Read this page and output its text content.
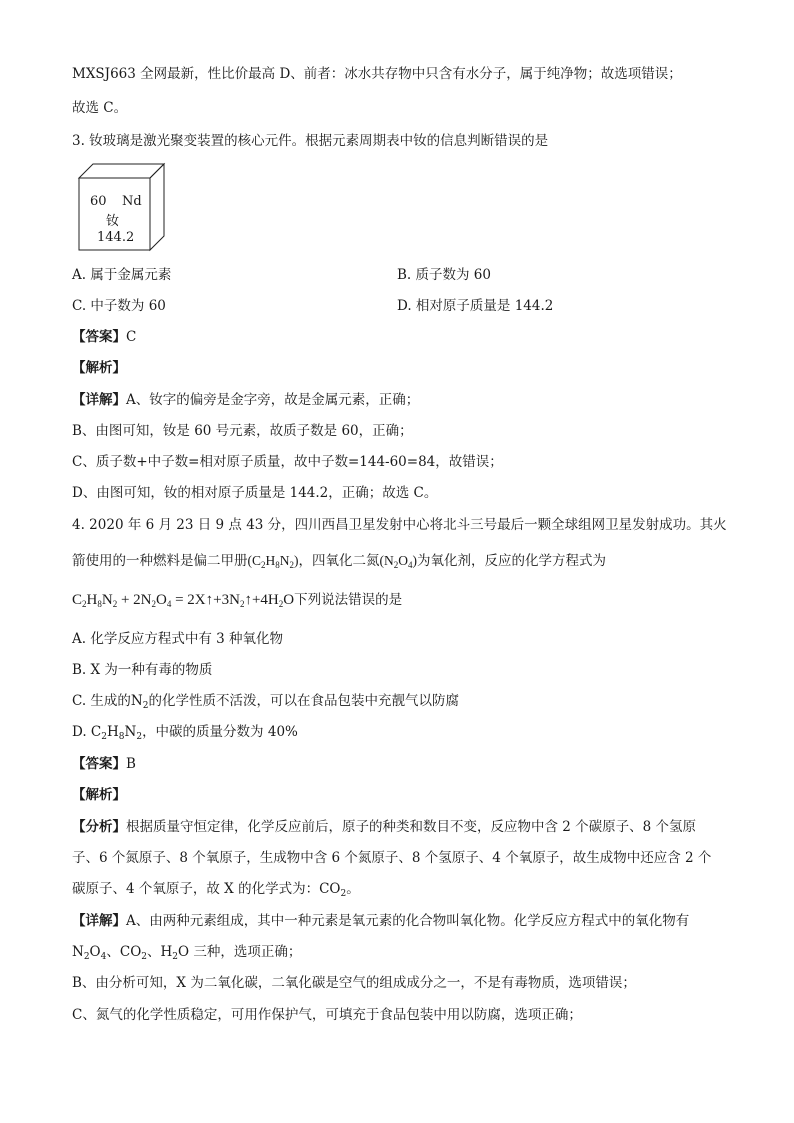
MXSJ663 全网最新，性比价最高 D、前者：冰水共存物中只含有水分子，属于纯净物；故选项错误；
故选 C。
3. 钕玻璃是激光聚变装置的核心元件。根据元素周期表中钕的信息判断错误的是
60 Nd
钕
144.2
A. 属于金属元素	B. 质子数为 60
C. 中子数为 60	D. 相对原子质量是 144.2
【答案】C
【解析】
【详解】A、钕字的偏旁是金字旁，故是金属元素，正确；
B、由图可知，钕是 60 号元素，故质子数是 60，正确；
C、质子数+中子数=相对原子质量，故中子数=144-60=84，故错误；
D、由图可知，钕的相对原子质量是 144.2，正确；故选 C。
4. 2020 年 6 月 23 日 9 点 43 分，四川西昌卫星发射中心将北斗三号最后一颗全球组网卫星发射成功。其火
箭使用的一种燃料是偏二甲册$(C_2H_8N_2)$，四氧化二氮$(N_2O_4)$为氧化剂，反应的化学方程式为
$C_2H_8N_2 + 2N_2O_4$ = $2X↑+3N_2↑+4H_2O$下列说法错误的是
A. 化学反应方程式中有 3 种氧化物
B. X 为一种有毒的物质
C. 生成的$N_2$的化学性质不活泼，可以在食品包装中充靓气以防腐
D. $C_2H_8N_2$，中碳的质量分数为 40%
【答案】B
【解析】
【分析】根据质量守恒定律，化学反应前后，原子的种类和数目不变，反应物中含 2 个碳原子、8 个氢原
子、6 个氮原子、8 个氧原子，生成物中含 6 个氮原子、8 个氢原子、4 个氧原子，故生成物中还应含 2 个
碳原子、4 个氧原子，故 X 的化学式为：$CO_2$。
【详解】A、由两种元素组成，其中一种元素是氧元素的化合物叫氧化物。化学反应方程式中的氧化物有
$N_2O_4$、$CO_2$、$H_2O$ 三种，选项正确；
B、由分析可知，X 为二氧化碳，二氧化碳是空气的组成成分之一，不是有毒物质，选项错误；
C、氮气的化学性质稳定，可用作保护气，可填充于食品包装中用以防腐，选项正确；
